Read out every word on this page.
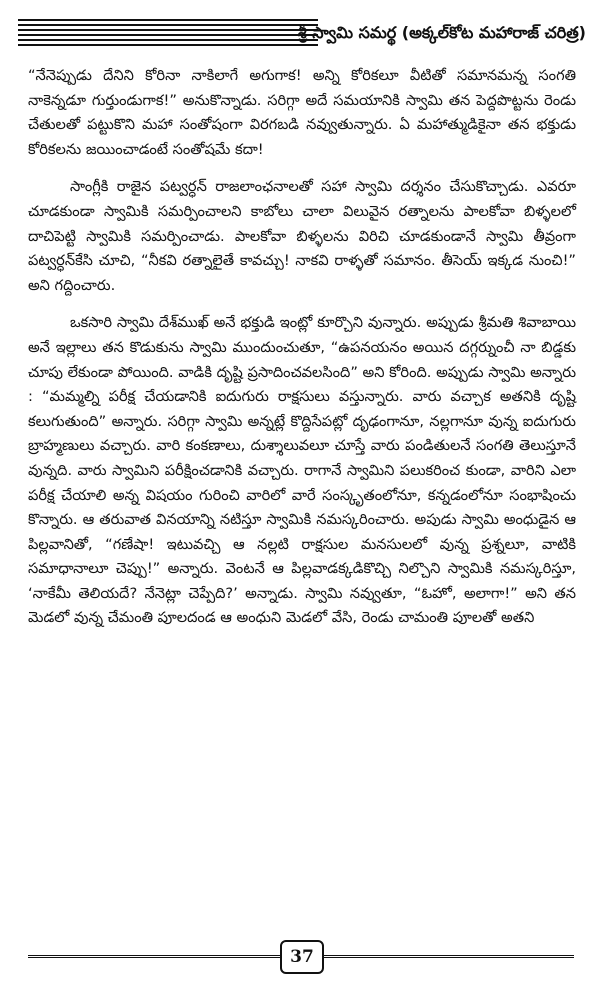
శ్రీ స్వామి సమర్థ (అక్కల్‌కోట మహారాజ్ చరిత్ర)

“నేనెప్పుడు దేనిని కోరినా నాకిలాగే అగుగాక! అన్ని కోరికలూ వీటితో సమానమన్న సంగతి నాకెన్నడూ గుర్తుండుగాక!” అనుకొన్నాడు. సరిగ్గా అదే సమయానికి స్వామి తన పెద్దపొట్టను రెండు చేతులతో పట్టుకొని మహా సంతోషంగా విరగబడి నవ్వుతున్నారు. ఏ మహాత్ముడికైనా తన భక్తుడు కోరికలను జయించాడంటే సంతోషమే కదా!

సాంగ్లీకి రాజైన పట్వర్ధన్ రాజలాంఛనాలతో సహా స్వామి దర్శనం చేసుకొచ్చాడు. ఎవరూ చూడకుండా స్వామికి సమర్పించాలని కాబోలు చాలా విలువైన రత్నాలను పాలకోవా బిళ్ళలలో దాచిపెట్టి స్వామికి సమర్పించాడు. పాలకోవా బిళ్ళలను విరిచి చూడకుండానే స్వామి తీవ్రంగా పట్వర్ధన్‌కేసి చూచి, “నీకవి రత్నాలైతే కావచ్చు! నాకవి రాళ్ళతో సమానం. తీసెయ్ ఇక్కడ నుంచి!” అని గద్దించారు.

ఒకసారి స్వామి దేశ్‌ముఖ్ అనే భక్తుడి ఇంట్లో కూర్చొని వున్నారు. అప్పుడు శ్రీమతి శివాబాయి అనే ఇల్లాలు తన కొడుకును స్వామి ముందుంచుతూ, “ఉపనయనం అయిన దగ్గర్నుంచీ నా బిడ్డకు చూపు లేకుండా పోయింది. వాడికి దృష్టి ప్రసాదించవలసింది” అని కోరింది. అప్పుడు స్వామి అన్నారు : “మమ్మల్ని పరీక్ష చేయడానికి ఐదుగురు రాక్షసులు వస్తున్నారు. వారు వచ్చాక అతనికి దృష్టి కలుగుతుంది” అన్నారు. సరిగ్గా స్వామి అన్నట్లే కొద్దిసేపట్లో దృఢంగానూ, నల్లగానూ వున్న ఐదుగురు బ్రాహ్మణులు వచ్చారు. వారి కంకణాలు, దుశ్శాలువలూ చూస్తే వారు పండితులనే సంగతి తెలుస్తూనే వున్నది. వారు స్వామిని పరీక్షించడానికి వచ్చారు. రాగానే స్వామిని పలుకరించ కుండా, వారిని ఎలా పరీక్ష చేయాలి అన్న విషయం గురించి వారిలో వారే సంస్కృతంలోనూ, కన్నడంలోనూ సంభాషించు కొన్నారు. ఆ తరువాత వినయాన్ని నటిస్తూ స్వామికి నమస్కరించారు. అపుడు స్వామి అంధుడైన ఆ పిల్లవానితో, “గణేషా! ఇటువచ్చి ఆ నల్లటి రాక్షసుల మనసులలో వున్న ప్రశ్నలూ, వాటికి సమాధానాలూ చెప్పు!” అన్నారు. వెంటనే ఆ పిల్లవాడక్కడికొచ్చి నిల్చొని స్వామికి నమస్కరిస్తూ, ‘నాకేమీ తెలియదే? నేనెట్లా చెప్పేది?’ అన్నాడు. స్వామి నవ్వుతూ, “ఓహో, అలాగా!” అని తన మెడలో వున్న చేమంతి పూలదండ ఆ అంధుని మెడలో వేసి, రెండు చామంతి పూలతో అతని

37
